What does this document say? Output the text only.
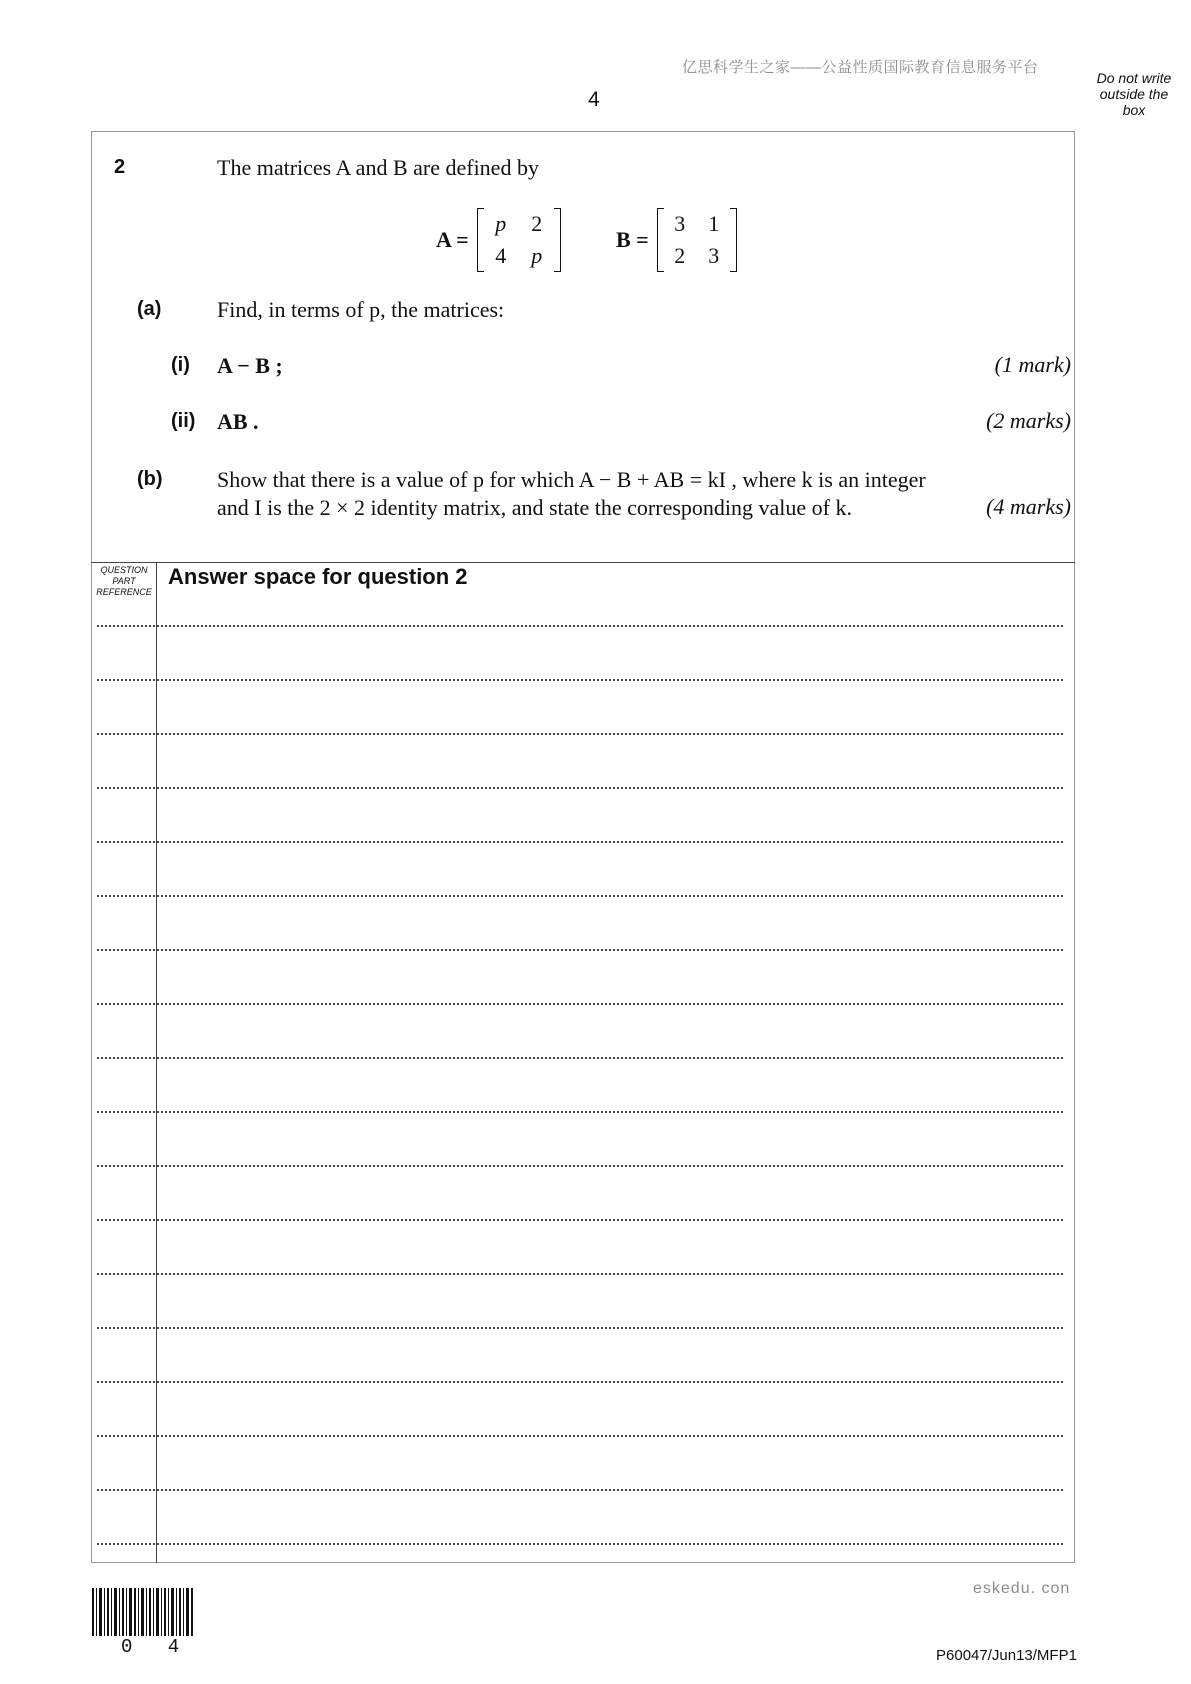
亿思科学生之家——公益性质国际教育信息服务平台
4
Do not write
outside the
box
2	The matrices A and B are defined by
A =
p	2
4	p
B =
3	1
2	3
(a)	Find, in terms of p, the matrices:
(i) A − B ;	(1 mark)
(ii) AB .	(2 marks)
(b) Show that there is a value of p for which A − B + AB = kI , where k is an integer
and I is the 2 × 2 identity matrix, and state the corresponding value of k.	(4 marks)
QUESTION
PART
REFERENCE
Answer space for question 2
eskedu. con
0 4	P60047/Jun13/MFP1
